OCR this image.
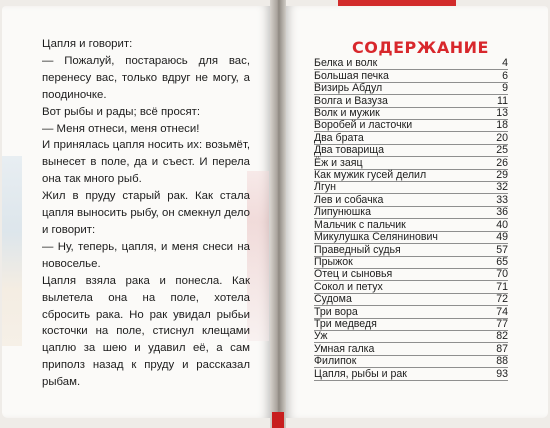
Цапля и говорит:

— Пожалуй, постараюсь для вас, перенесу вас, только вдруг не могу, а поодиночке.

Вот рыбы и рады; всё просят:

— Меня отнеси, меня отнеси!

И принялась цапля носить их: возьмёт, вынесет в поле, да и съест. И перела она так много рыб.

Жил в пруду старый рак. Как стала цапля выносить рыбу, он смекнул дело и говорит:

— Ну, теперь, цапля, и меня снеси на новоселье.

Цапля взяла рака и понесла. Как вылетела она на поле, хотела сбросить рака. Но рак увидал рыбьи косточки на поле, стиснул клещами цаплю за шею и удавил её, а сам приполз назад к пруду и рассказал рыбам.

СОДЕРЖАНИЕ
Белка и волк	4
Большая печка	6
Визирь Абдул	9
Волга и Вазуза	11
Волк и мужик	13
Воробей и ласточки	18
Два брата	20
Два товарища	25
Ёж и заяц	26
Как мужик гусей делил	29
Лгун	32
Лев и собачка	33
Липунюшка	36
Мальчик с пальчик	40
Микулушка Селянинович	49
Праведный судья	57
Прыжок	65
Отец и сыновья	70
Сокол и петух	71
Судома	72
Три вора	74
Три медведя	77
Уж	82
Умная галка	87
Филипок	88
Цапля, рыбы и рак	93
